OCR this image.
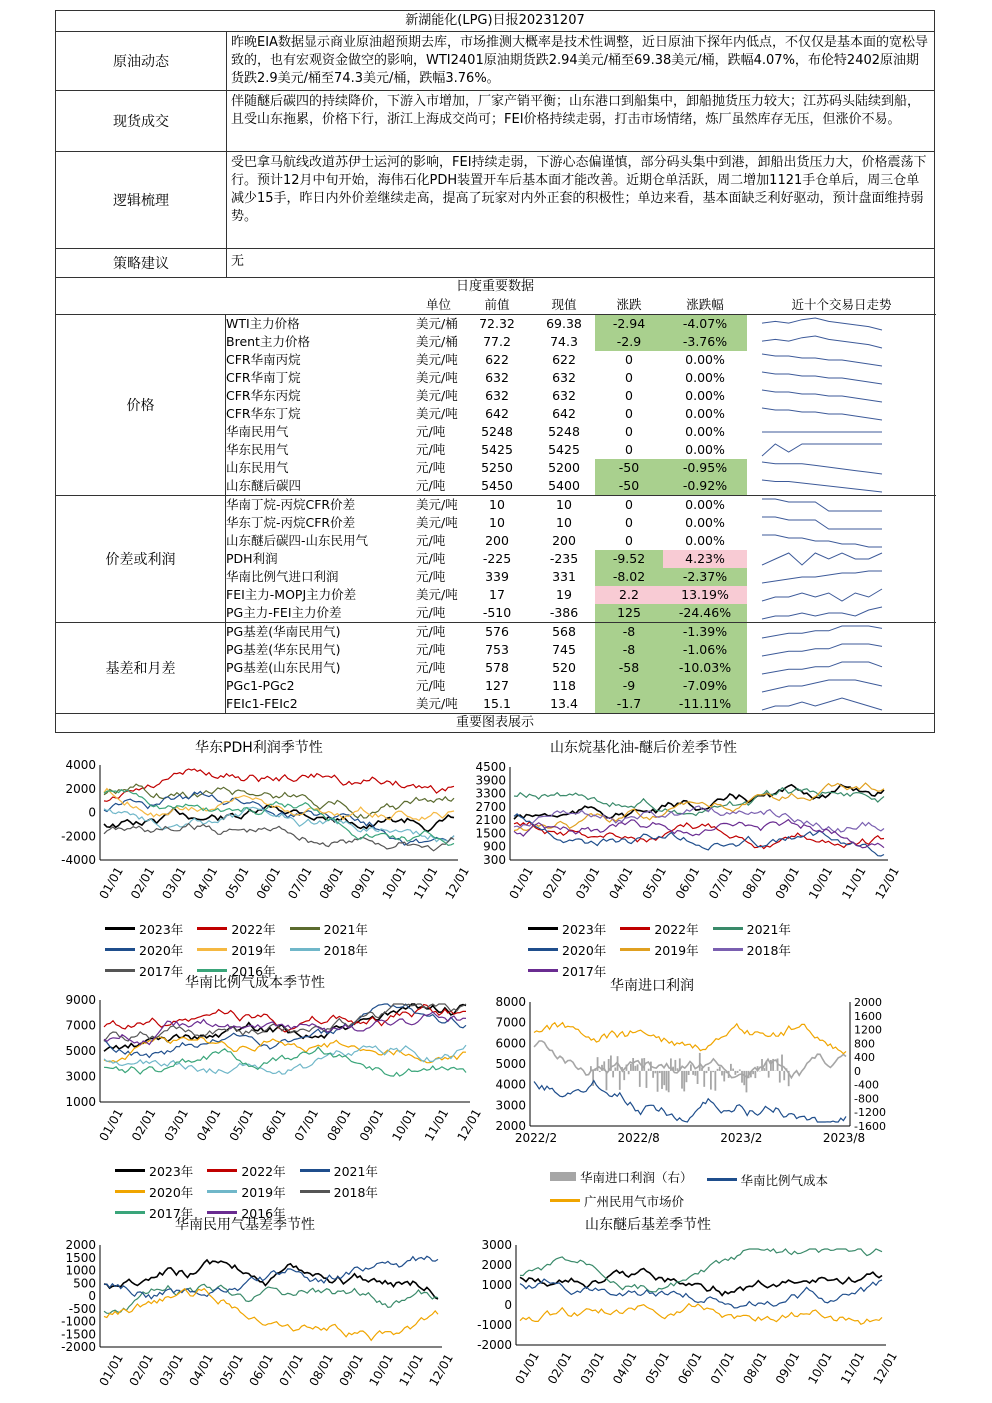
新湖能化(LPG)日报20231207
原油动态
昨晚EIA数据显示商业原油超预期去库，市场推测大概率是技术性调整，近日原油下探年内低点，不仅仅是基本面的宽松导致的，也有宏观资金做空的影响，WTI2401原油期货跌2.94美元/桶至69.38美元/桶，跌幅4.07%，布伦特2402原油期货跌2.9美元/桶至74.3美元/桶，跌幅3.76%。
现货成交
伴随醚后碳四的持续降价，下游入市增加，厂家产销平衡；山东港口到船集中，卸船抛货压力较大；江苏码头陆续到船，且受山东拖累，价格下行，浙江上海成交尚可；FEI价格持续走弱，打击市场情绪，炼厂虽然库存无压，但涨价不易。
逻辑梳理
受巴拿马航线改道苏伊士运河的影响，FEI持续走弱，下游心态偏谨慎，部分码头集中到港，卸船出货压力大，价格震荡下行。预计12月中旬开始，海伟石化PDH装置开车后基本面才能改善。近期仓单活跃，周二增加1121手仓单后，周三仓单减少15手，昨日内外价差继续走高，提高了玩家对内外正套的积极性；单边来看，基本面缺乏利好驱动，预计盘面维持弱势。
策略建议	无
日度重要数据
单位	前值	现值	涨跌	涨跌幅	近十个交易日走势
价格
WTI主力价格	美元/桶	72.32	69.38	-2.94	-4.07%
Brent主力价格	美元/桶	77.2	74.3	-2.9	-3.76%
CFR华南丙烷	美元/吨	622	622	0	0.00%
CFR华南丁烷	美元/吨	632	632	0	0.00%
CFR华东丙烷	美元/吨	632	632	0	0.00%
CFR华东丁烷	美元/吨	642	642	0	0.00%
华南民用气	元/吨	5248	5248	0	0.00%
华东民用气	元/吨	5425	5425	0	0.00%
山东民用气	元/吨	5250	5200	-50	-0.95%
山东醚后碳四	元/吨	5450	5400	-50	-0.92%
价差或利润
华南丁烷-丙烷CFR价差	美元/吨	10	10	0	0.00%
华东丁烷-丙烷CFR价差	美元/吨	10	10	0	0.00%
山东醚后碳四-山东民用气	元/吨	200	200	0	0.00%
PDH利润	元/吨	-225	-235	-9.52	4.23%
华南比例气进口利润	元/吨	339	331	-8.02	-2.37%
FEI主力-MOPJ主力价差	美元/吨	17	19	2.2	13.19%
PG主力-FEI主力价差	元/吨	-510	-386	125	-24.46%
基差和月差
PG基差(华南民用气)	元/吨	576	568	-8	-1.39%
PG基差(华东民用气)	元/吨	753	745	-8	-1.06%
PG基差(山东民用气)	元/吨	578	520	-58	-10.03%
PGc1-PGc2	元/吨	127	118	-9	-7.09%
FEIc1-FEIc2	美元/吨	15.1	13.4	-1.7	-11.11%
重要图表展示
华东PDH利润季节性
4000
2000
0
-2000
-4000
01/01 02/01 03/01 04/01 05/01 06/01 07/01 08/01 09/01 10/01 11/01 12/01
2023年	2022年	2021年
2020年	2019年	2018年
2017年	2016年
山东烷基化油-醚后价差季节性
4500
3900
3300
2700
2100
1500
900
300
01/01 02/01 03/01 04/01 05/01 06/01 07/01 08/01 09/01 10/01 11/01 12/01
2023年	2022年	2021年
2020年	2019年	2018年
2017年
华南比例气成本季节性
9000
7000
5000
3000
1000
01/01 02/01 03/01 04/01 05/01 06/01 07/01 08/01 09/01 10/01 11/01 12/01
2023年	2022年	2021年
2020年	2019年	2018年
2017年	2016年
华南进口利润
8000
7000
6000
5000
4000
3000
2000
2000
1600
1200
800
400
0
-400
-800
-1200
-1600
2022/2	2022/8	2023/2	2023/8
华南进口利润（右）	华南比例气成本
广州民用气市场价
华南民用气基差季节性
2000
1500
1000
500
0
-500
-1000
-1500
-2000
01/01 02/01 03/01 04/01 05/01 06/01 07/01 08/01 09/01 10/01 11/01 12/01
山东醚后基差季节性
3000
2000
1000
0
-1000
-2000
01/01 02/01 03/01 04/01 05/01 06/01 07/01 08/01 09/01 10/01 11/01 12/01
